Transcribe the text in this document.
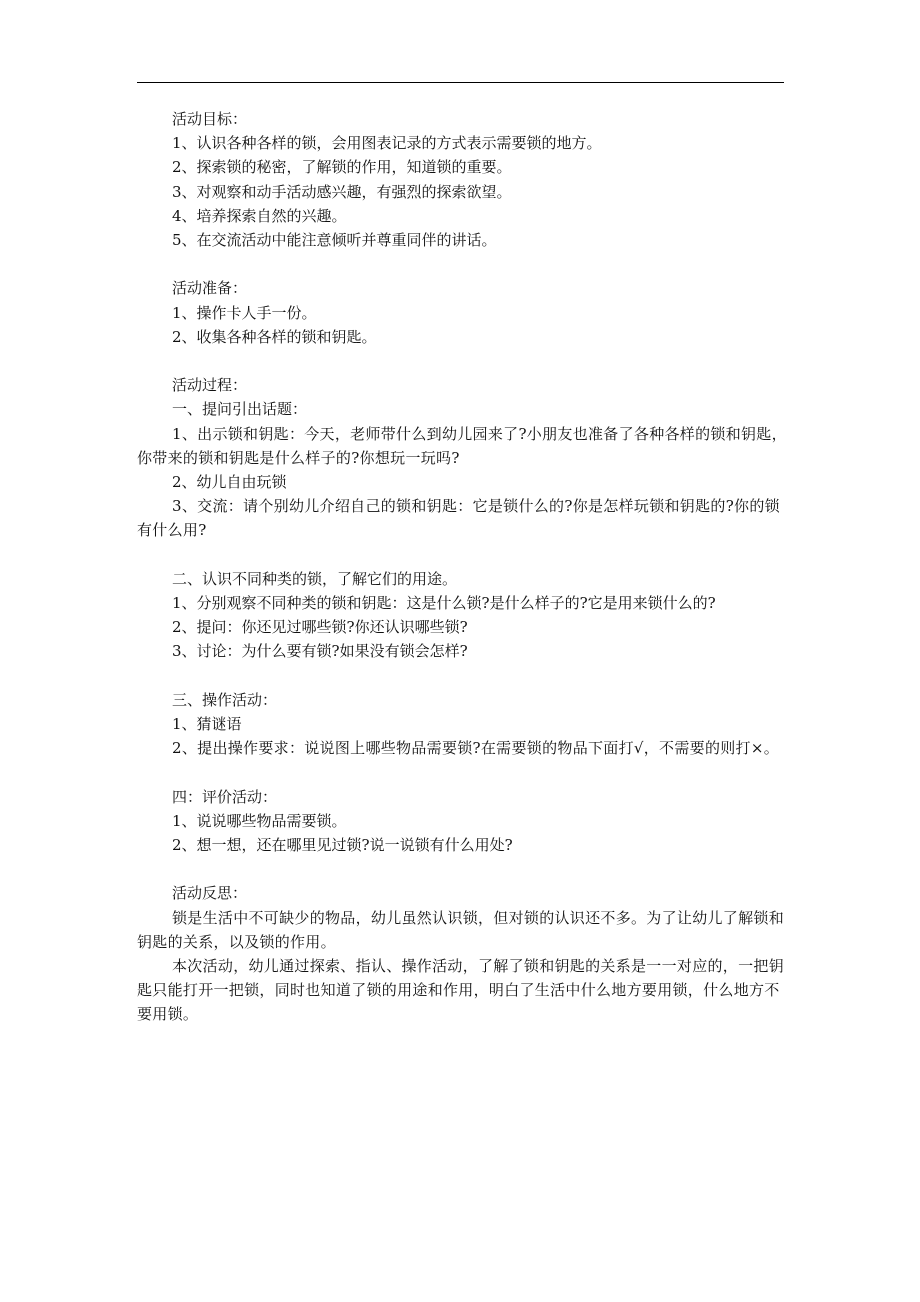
活动目标：

1、认识各种各样的锁，会用图表记录的方式表示需要锁的地方。

2、探索锁的秘密，了解锁的作用，知道锁的重要。

3、对观察和动手活动感兴趣，有强烈的探索欲望。

4、培养探索自然的兴趣。

5、在交流活动中能注意倾听并尊重同伴的讲话。

活动准备：

1、操作卡人手一份。

2、收集各种各样的锁和钥匙。

活动过程：

一、提问引出话题：

1、出示锁和钥匙：今天，老师带什么到幼儿园来了?小朋友也准备了各种各样的锁和钥匙，你带来的锁和钥匙是什么样子的?你想玩一玩吗?

2、幼儿自由玩锁

3、交流：请个别幼儿介绍自己的锁和钥匙：它是锁什么的?你是怎样玩锁和钥匙的?你的锁有什么用?

二、认识不同种类的锁，了解它们的用途。

1、分别观察不同种类的锁和钥匙：这是什么锁?是什么样子的?它是用来锁什么的?

2、提问：你还见过哪些锁?你还认识哪些锁?

3、讨论：为什么要有锁?如果没有锁会怎样?

三、操作活动：

1、猜谜语

2、提出操作要求：说说图上哪些物品需要锁?在需要锁的物品下面打√，不需要的则打×。

四：评价活动：

1、说说哪些物品需要锁。

2、想一想，还在哪里见过锁?说一说锁有什么用处?

活动反思：

锁是生活中不可缺少的物品，幼儿虽然认识锁，但对锁的认识还不多。为了让幼儿了解锁和钥匙的关系，以及锁的作用。

本次活动，幼儿通过探索、指认、操作活动，了解了锁和钥匙的关系是一一对应的，一把钥匙只能打开一把锁，同时也知道了锁的用途和作用，明白了生活中什么地方要用锁，什么地方不要用锁。
